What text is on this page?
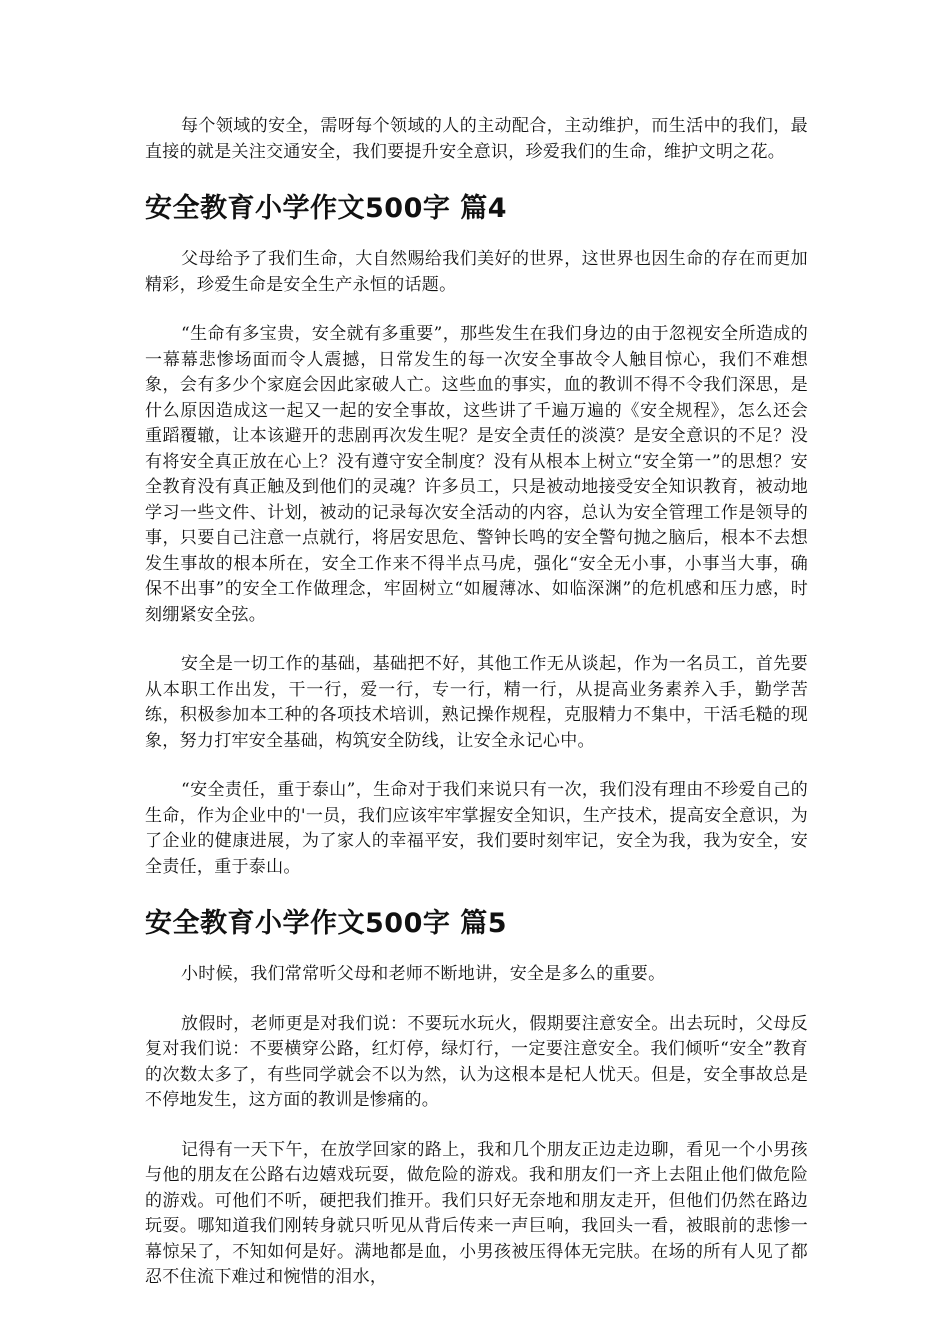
每个领域的安全，需呀每个领域的人的主动配合，主动维护，而生活中的我们，最直接的就是关注交通安全，我们要提升安全意识，珍爱我们的生命，维护文明之花。

安全教育小学作文500字 篇4

父母给予了我们生命，大自然赐给我们美好的世界，这世界也因生命的存在而更加精彩，珍爱生命是安全生产永恒的话题。

“生命有多宝贵，安全就有多重要”，那些发生在我们身边的由于忽视安全所造成的一幕幕悲惨场面而令人震撼，日常发生的每一次安全事故令人触目惊心，我们不难想象，会有多少个家庭会因此家破人亡。这些血的事实，血的教训不得不令我们深思，是什么原因造成这一起又一起的安全事故，这些讲了千遍万遍的《安全规程》，怎么还会重蹈覆辙，让本该避开的悲剧再次发生呢？是安全责任的淡漠？是安全意识的不足？没有将安全真正放在心上？没有遵守安全制度？没有从根本上树立“安全第一”的思想？安全教育没有真正触及到他们的灵魂？许多员工，只是被动地接受安全知识教育，被动地学习一些文件、计划，被动的记录每次安全活动的内容，总认为安全管理工作是领导的事，只要自己注意一点就行，将居安思危、警钟长鸣的安全警句抛之脑后，根本不去想发生事故的根本所在，安全工作来不得半点马虎，强化“安全无小事，小事当大事，确保不出事”的安全工作做理念，牢固树立“如履薄冰、如临深渊”的危机感和压力感，时刻绷紧安全弦。

安全是一切工作的基础，基础把不好，其他工作无从谈起，作为一名员工，首先要从本职工作出发，干一行，爱一行，专一行，精一行，从提高业务素养入手，勤学苦练，积极参加本工种的各项技术培训，熟记操作规程，克服精力不集中，干活毛糙的现象，努力打牢安全基础，构筑安全防线，让安全永记心中。

“安全责任，重于泰山”，生命对于我们来说只有一次，我们没有理由不珍爱自己的生命，作为企业中的'一员，我们应该牢牢掌握安全知识，生产技术，提高安全意识，为了企业的健康进展，为了家人的幸福平安，我们要时刻牢记，安全为我，我为安全，安全责任，重于泰山。

安全教育小学作文500字 篇5

小时候，我们常常听父母和老师不断地讲，安全是多么的重要。

放假时，老师更是对我们说：不要玩水玩火，假期要注意安全。出去玩时，父母反复对我们说：不要横穿公路，红灯停，绿灯行，一定要注意安全。我们倾听“安全”教育的次数太多了，有些同学就会不以为然，认为这根本是杞人忧天。但是，安全事故总是不停地发生，这方面的教训是惨痛的。

记得有一天下午，在放学回家的路上，我和几个朋友正边走边聊，看见一个小男孩与他的朋友在公路右边嬉戏玩耍，做危险的游戏。我和朋友们一齐上去阻止他们做危险的游戏。可他们不听，硬把我们推开。我们只好无奈地和朋友走开，但他们仍然在路边玩耍。哪知道我们刚转身就只听见从背后传来一声巨响，我回头一看，被眼前的悲惨一幕惊呆了，不知如何是好。满地都是血，小男孩被压得体无完肤。在场的所有人见了都忍不住流下难过和惋惜的泪水，
